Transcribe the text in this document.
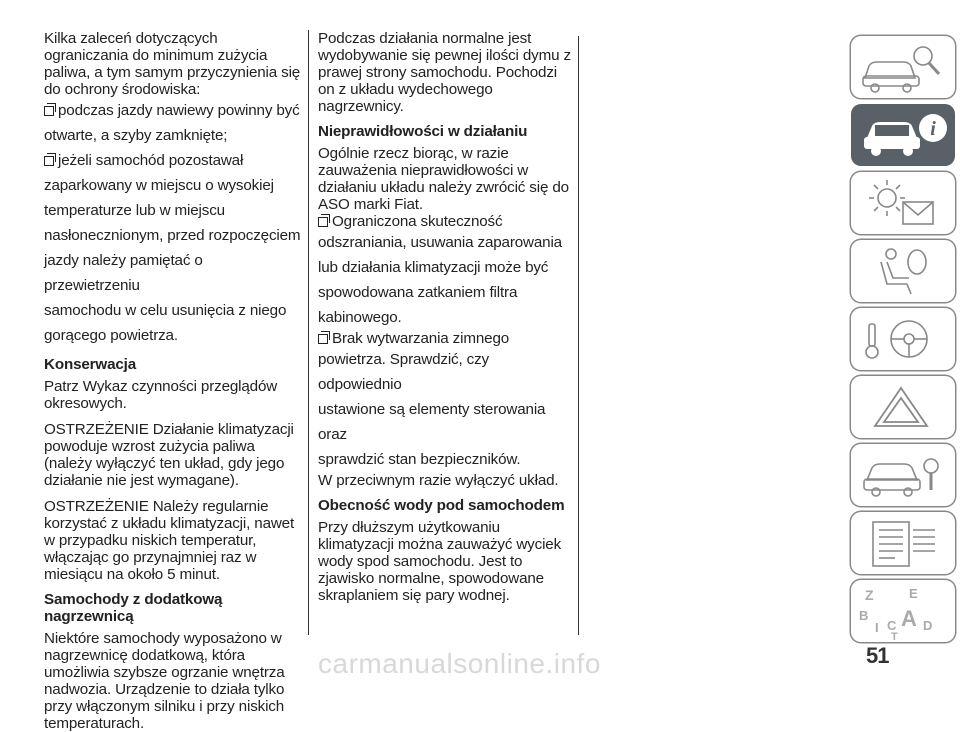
Kilka zaleceń dotyczących ograniczania do minimum zużycia paliwa, a tym samym przyczynienia się do ochrony środowiska:

podczas jazdy nawiewy powinny być

otwarte, a szyby zamknięte;

jeżeli samochód pozostawał

zaparkowany w miejscu o wysokiej

temperaturze lub w miejscu

nasłonecznionym, przed rozpoczęciem

jazdy należy pamiętać o przewietrzeniu

samochodu w celu usunięcia z niego

gorącego powietrza.

Konserwacja

Patrz Wykaz czynności przeglądów okresowych.

OSTRZEŻENIE Działanie klimatyzacji powoduje wzrost zużycia paliwa (należy wyłączyć ten układ, gdy jego działanie nie jest wymagane).

OSTRZEŻENIE Należy regularnie korzystać z układu klimatyzacji, nawet w przypadku niskich temperatur, włączając go przynajmniej raz w miesiącu na około 5 minut.

Samochody z dodatkową nagrzewnicą

Niektóre samochody wyposażono w nagrzewnicę dodatkową, która umożliwia szybsze ogrzanie wnętrza nadwozia. Urządzenie to działa tylko przy włączonym silniku i przy niskich temperaturach.

Podczas działania normalne jest wydobywanie się pewnej ilości dymu z prawej strony samochodu. Pochodzi on z układu wydechowego nagrzewnicy.

Nieprawidłowości w działaniu

Ogólnie rzecz biorąc, w razie zauważenia nieprawidłowości w działaniu układu należy zwrócić się do ASO marki Fiat.

Ograniczona skuteczność

odszraniania, usuwania zaparowania

lub działania klimatyzacji może być

spowodowana zatkaniem filtra

kabinowego.

Brak wytwarzania zimnego

powietrza. Sprawdzić, czy odpowiednio

ustawione są elementy sterowania oraz

sprawdzić stan bezpieczników.

W przeciwnym razie wyłączyć układ.

Obecność wody pod samochodem

Przy dłuższym użytkowaniu klimatyzacji można zauważyć wyciek wody spod samochodu. Jest to zjawisko normalne, spowodowane skraplaniem się pary wodnej.

i
Z	E
B A
I C D
T
51
carmanualsonline.info
